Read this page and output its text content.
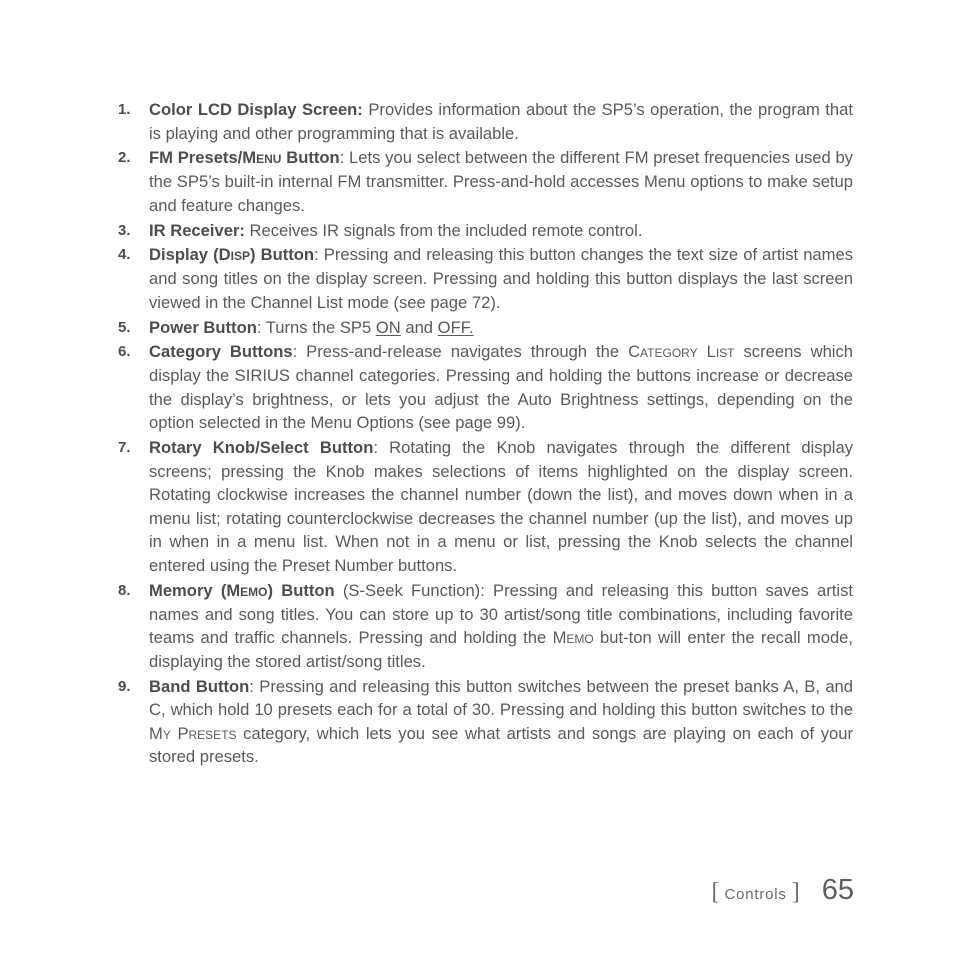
1. Color LCD Display Screen: Provides information about the SP5’s operation, the program that is playing and other programming that is available.
2. FM Presets/Menu Button: Lets you select between the different FM preset frequencies used by the SP5’s built-in internal FM transmitter. Press-and-hold accesses Menu options to make setup and feature changes.
3. IR Receiver: Receives IR signals from the included remote control.
4. Display (Disp) Button: Pressing and releasing this button changes the text size of artist names and song titles on the display screen. Pressing and holding this button displays the last screen viewed in the Channel List mode (see page 72).
5. Power Button: Turns the SP5 ON and OFF.
6. Category Buttons: Press-and-release navigates through the Category List screens which display the SIRIUS channel categories. Pressing and holding the buttons increase or decrease the display’s brightness, or lets you adjust the Auto Brightness settings, depending on the option selected in the Menu Options (see page 99).
7. Rotary Knob/Select Button: Rotating the Knob navigates through the different display screens; pressing the Knob makes selections of items highlighted on the display screen. Rotating clockwise increases the channel number (down the list), and moves down when in a menu list; rotating counterclockwise decreases the channel number (up the list), and moves up in when in a menu list. When not in a menu or list, pressing the Knob selects the channel entered using the Preset Number buttons.
8. Memory (Memo) Button (S-Seek Function): Pressing and releasing this button saves artist names and song titles. You can store up to 30 artist/song title combinations, including favorite teams and traffic channels. Pressing and holding the Memo but-ton will enter the recall mode, displaying the stored artist/song titles.
9. Band Button: Pressing and releasing this button switches between the preset banks A, B, and C, which hold 10 presets each for a total of 30. Pressing and holding this button switches to the My Presets category, which lets you see what artists and songs are playing on each of your stored presets.
[ Controls ] 65
